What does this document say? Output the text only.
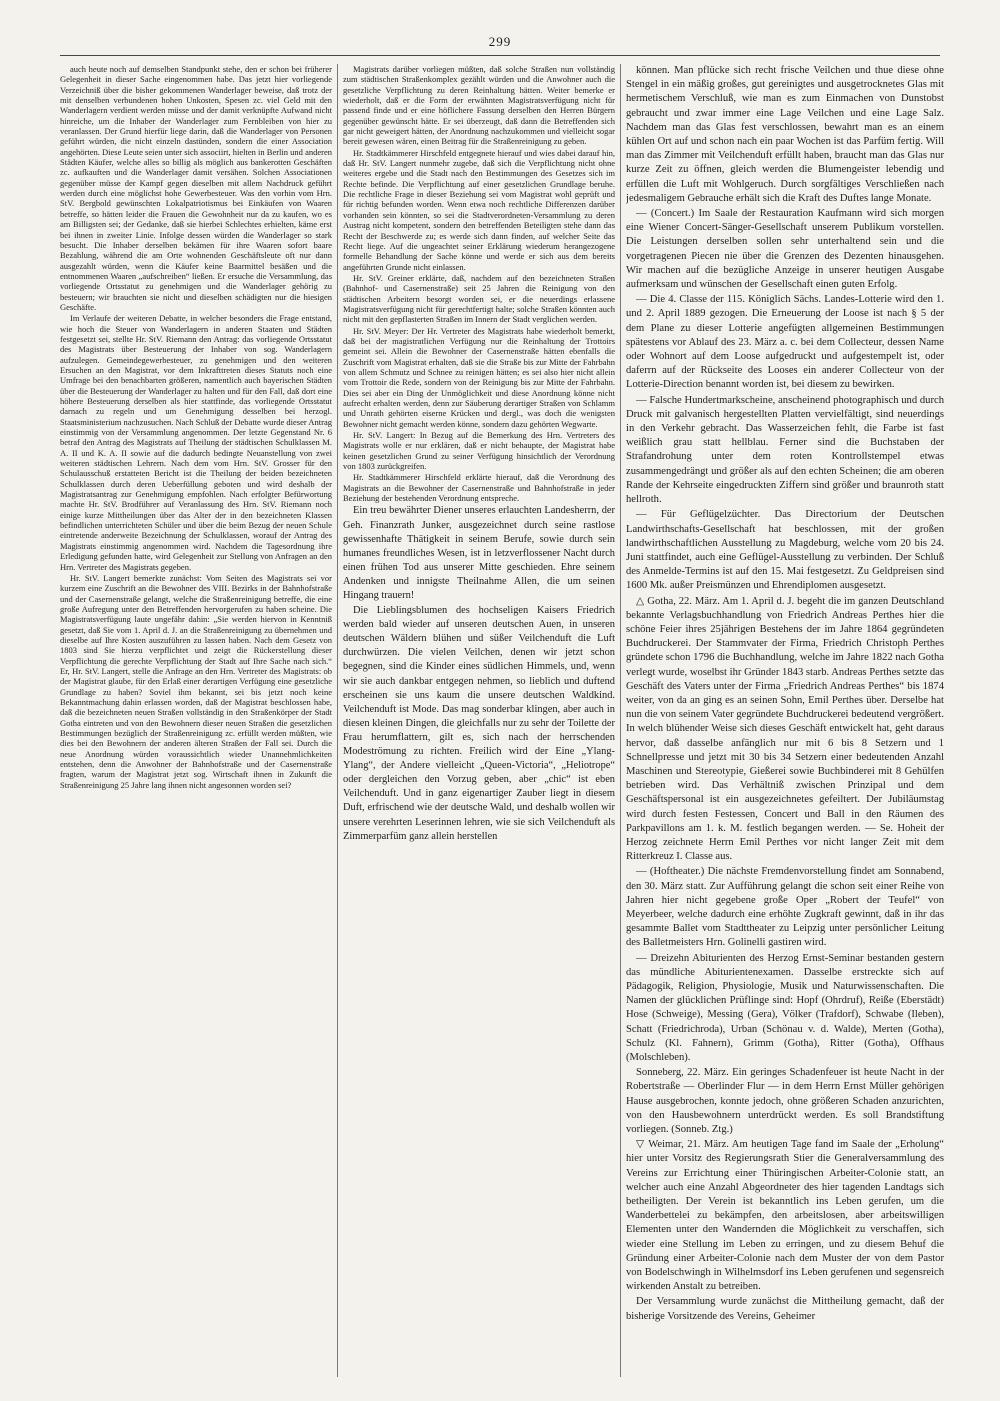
299

auch heute noch auf demselben Standpunkt stehe, den er schon bei früherer Gelegenheit in dieser Sache eingenommen habe. Das jetzt hier vorliegende Verzeichniß über die bisher gekommenen Wanderlager beweise, daß trotz der mit denselben verbundenen hohen Unkosten, Spesen zc. viel Geld mit den Wanderlagern verdient werden müsse und der damit verknüpfte Aufwand nicht hinreiche, um die Inhaber der Wanderlager zum Fernbleiben von hier zu veranlassen. Der Grund hierfür liege darin, daß die Wanderlager von Personen geführt würden, die nicht einzeln dastünden, sondern die einer Association angehörten. Diese Leute seien unter sich associirt, hielten in Berlin und anderen Städten Käufer, welche alles so billig als möglich aus bankerotten Geschäften zc. aufkauften und die Wanderlager damit versähen. Solchen Associationen gegenüber müsse der Kampf gegen dieselben mit allem Nachdruck geführt werden durch eine möglichst hohe Gewerbesteuer. Was den vorhin vom Hrn. StV. Bergbold gewünschten Lokalpatriotismus bei Einkäufen von Waaren betreffe, so hätten leider die Frauen die Gewohnheit nur da zu kaufen, wo es am Billigsten sei; der Gedanke, daß sie hierbei Schlechtes erhielten, käme erst bei ihnen in zweiter Linie. Infolge dessen würden die Wanderlager so stark besucht. Die Inhaber derselben bekämen für ihre Waaren sofort baare Bezahlung, während die am Orte wohnenden Geschäftsleute oft nur dann ausgezahlt würden, wenn die Käufer keine Baarmittel besäßen und die entnommenen Waaren „aufschreiben“ ließen. Er ersuche die Versammlung, das vorliegende Ortsstatut zu genehmigen und die Wanderlager gehörig zu besteuern; wir brauchten sie nicht und dieselben schädigten nur die hiesigen Geschäfte.

Im Verlaufe der weiteren Debatte, in welcher besonders die Frage entstand, wie hoch die Steuer von Wanderlagern in anderen Staaten und Städten festgesetzt sei, stellte Hr. StV. Riemann den Antrag: das vorliegende Ortsstatut des Magistrats über Besteuerung der Inhaber von sog. Wanderlagern aufzulegen. Gemeindegewerbesteuer, zu genehmigen und den weiteren Ersuchen an den Magistrat, vor dem Inkrafttreten dieses Statuts noch eine Umfrage bei den benachbarten größeren, namentlich auch bayerischen Städten über die Besteuerung der Wanderlager zu halten und für den Fall, daß dort eine höhere Besteuerung derselben als hier stattfinde, das vorliegende Ortsstatut darnach zu regeln und um Genehmigung desselben bei herzogl. Staatsministerium nachzusuchen. Nach Schluß der Debatte wurde dieser Antrag einstimmig von der Versammlung angenommen. Der letzte Gegenstand Nr. 6 betraf den Antrag des Magistrats auf Theilung der städtischen Schulklassen M. A. II und K. A. II sowie auf die dadurch bedingte Neuanstellung von zwei weiteren städtischen Lehrern. Nach dem vom Hrn. StV. Grosser für den Schulausschuß erstatteten Bericht ist die Theilung der beiden bezeichneten Schulklassen durch deren Ueberfüllung geboten und wird deshalb der Magistratsantrag zur Genehmigung empfohlen. Nach erfolgter Befürwortung machte Hr. StV. Brodführer auf Veranlassung des Hrn. StV. Riemann noch einige kurze Mittheilungen über das Alter der in den bezeichneten Klassen befindlichen unterrichteten Schüler und über die beim Bezug der neuen Schule eintretende anderweite Bezeichnung der Schulklassen, worauf der Antrag des Magistrats einstimmig angenommen wird. Nachdem die Tagesordnung ihre Erledigung gefunden hatte, wird Gelegenheit zur Stellung von Anfragen an den Hrn. Vertreter des Magistrats gegeben.

Hr. StV. Langert bemerkte zunächst: Vom Seiten des Magistrats sei vor kurzem eine Zuschrift an die Bewohner des VIII. Bezirks in der Bahnhofstraße und der Casernenstraße gelangt, welche die Straßenreinigung betreffe, die eine große Aufregung unter den Betreffenden hervorgerufen zu haben scheine. Die Magistratsverfügung laute ungefähr dahin: „Sie werden hiervon in Kenntniß gesetzt, daß Sie vom 1. April d. J. an die Straßenreinigung zu übernehmen und dieselbe auf Ihre Kosten auszuführen zu lassen haben. Nach dem Gesetz von 1803 sind Sie hierzu verpflichtet und zeigt die Rückerstellung dieser Verpflichtung die gerechte Verpflichtung der Stadt auf Ihre Sache nach sich.“ Er, Hr. StV. Langert, stelle die Anfrage an den Hrn. Vertreter des Magistrats: ob der Magistrat glaube, für den Erlaß einer derartigen Verfügung eine gesetzliche Grundlage zu haben? Soviel ihm bekannt, sei bis jetzt noch keine Bekanntmachung dahin erlassen worden, daß der Magistrat beschlossen habe, daß die bezeichneten neuen Straßen vollständig in den Straßenkörper der Stadt Gotha eintreten und von den Bewohnern dieser neuen Straßen die gesetzlichen Bestimmungen bezüglich der Straßenreinigung zc. erfüllt werden müßten, wie dies bei den Bewohnern der anderen älteren Straßen der Fall sei. Durch die neue Anordnung würden voraussichtlich wieder Unannehmlichkeiten entstehen, denn die Anwohner der Bahnhofstraße und der Casernenstraße fragten, warum der Magistrat jetzt sog. Wirtschaft ihnen in Zukunft die Straßenreinigung 25 Jahre lang ihnen nicht angesonnen worden sei?

Magistrats darüber vorliegen müßten, daß solche Straßen nun vollständig zum städtischen Straßenkomplex gezählt würden und die Anwohner auch die gesetzliche Verpflichtung zu deren Reinhaltung hätten. Weiter bemerke er wiederholt, daß er die Form der erwähnten Magistratsverfügung nicht für passend finde und er eine höflichere Fassung derselben den Herren Bürgern gegenüber gewünscht hätte. Er sei überzeugt, daß dann die Betreffenden sich gar nicht geweigert hätten, der Anordnung nachzukommen und vielleicht sogar bereit gewesen wären, einen Beitrag für die Straßenreinigung zu geben.

Hr. Stadtkämmerer Hirschfeld entgegnete hierauf und wies dabei darauf hin, daß Hr. StV. Langert nunmehr zugebe, daß sich die Verpflichtung nicht ohne weiteres ergebe und die Stadt nach den Bestimmungen des Gesetzes sich im Rechte befinde. Die Verpflichtung auf einer gesetzlichen Grundlage beruhe. Die rechtliche Frage in dieser Beziehung sei vom Magistrat wohl geprüft und für richtig befunden worden. Wenn etwa noch rechtliche Differenzen darüber vorhanden sein könnten, so sei die Stadtverordneten-Versammlung zu deren Austrag nicht kompetent, sondern den betreffenden Beteiligten stehe dann das Recht der Beschwerde zu; es werde sich dann finden, auf welcher Seite das Recht liege. Auf die ungeachtet seiner Erklärung wiederum herangezogene formelle Behandlung der Sache könne und werde er sich aus dem bereits angeführten Grunde nicht einlassen.

Hr. StV. Greiner erklärte, daß, nachdem auf den bezeichneten Straßen (Bahnhof- und Casernenstraße) seit 25 Jahren die Reinigung von den städtischen Arbeitern besorgt worden sei, er die neuerdings erlassene Magistratsverfügung nicht für gerechtfertigt halte; solche Straßen könnten auch nicht mit den gepflasterten Straßen im Innern der Stadt verglichen werden.

Hr. StV. Meyer: Der Hr. Vertreter des Magistrats habe wiederholt bemerkt, daß bei der magistratlichen Verfügung nur die Reinhaltung der Trottoirs gemeint sei. Allein die Bewohner der Casernenstraße hätten ebenfalls die Zuschrift vom Magistrat erhalten, daß sie die Straße bis zur Mitte der Fahrbahn von allem Schmutz und Schnee zu reinigen hätten; es sei also hier nicht allein vom Trottoir die Rede, sondern von der Reinigung bis zur Mitte der Fahrbahn. Dies sei aber ein Ding der Unmöglichkeit und diese Anordnung könne nicht aufrecht erhalten werden, denn zur Säuberung derartiger Straßen von Schlamm und Unrath gehörten eiserne Krücken und dergl., was doch die wenigsten Bewohner nicht gemacht werden könne, sondern dazu gehörten Wegwarte.

Hr. StV. Langert: In Bezug auf die Bemerkung des Hrn. Vertreters des Magistrats wolle er nur erklären, daß er nicht behaupte, der Magistrat habe keinen gesetzlichen Grund zu seiner Verfügung hinsichtlich der Verordnung von 1803 zurückgreifen.

Hr. Stadtkämmerer Hirschfeld erklärte hierauf, daß die Verordnung des Magistrats an die Bewohner der Casernenstraße und Bahnhofstraße in jeder Beziehung der bestehenden Verordnung entspreche.

Ein treu bewährter Diener unseres erlauchten Landesherrn, der Geh. Finanzrath Junker, ausgezeichnet durch seine rastlose gewissenhafte Thätigkeit in seinem Berufe, sowie durch sein humanes freundliches Wesen, ist in letzverflossener Nacht durch einen frühen Tod aus unserer Mitte geschieden. Ehre seinem Andenken und innigste Theilnahme Allen, die um seinen Hingang trauern!

Die Lieblingsblumen des hochseligen Kaisers Friedrich werden bald wieder auf unseren deutschen Auen, in unseren deutschen Wäldern blühen und süßer Veilchenduft die Luft durchwürzen. Die vielen Veilchen, denen wir jetzt schon begegnen, sind die Kinder eines südlichen Himmels, und, wenn wir sie auch dankbar entgegen nehmen, so lieblich und duftend erscheinen sie uns kaum die unsere deutschen Waldkind. Veilchenduft ist Mode. Das mag sonderbar klingen, aber auch in diesen kleinen Dingen, die gleichfalls nur zu sehr der Toilette der Frau herumflattern, gilt es, sich nach der herrschenden Modeströmung zu richten. Freilich wird der Eine „Ylang-Ylang“, der Andere vielleicht „Queen-Victoria“, „Heliotrope“ oder dergleichen den Vorzug geben, aber „chic“ ist eben Veilchenduft. Und in ganz eigenartiger Zauber liegt in diesem Duft, erfrischend wie der deutsche Wald, und deshalb wollen wir unsere verehrten Leserinnen lehren, wie sie sich Veilchenduft als Zimmerparfüm ganz allein herstellen

können. Man pflücke sich recht frische Veilchen und thue diese ohne Stengel in ein mäßig großes, gut gereinigtes und ausgetrocknetes Glas mit hermetischem Verschluß, wie man es zum Einmachen von Dunstobst gebraucht und zwar immer eine Lage Veilchen und eine Lage Salz. Nachdem man das Glas fest verschlossen, bewahrt man es an einem kühlen Ort auf und schon nach ein paar Wochen ist das Parfüm fertig. Will man das Zimmer mit Veilchenduft erfüllt haben, braucht man das Glas nur kurze Zeit zu öffnen, gleich werden die Blumengeister lebendig und erfüllen die Luft mit Wohlgeruch. Durch sorgfältiges Verschließen nach jedesmaligem Gebrauche erhält sich die Kraft des Duftes lange Monate.

— (Concert.) Im Saale der Restauration Kaufmann wird sich morgen eine Wiener Concert-Sänger-Gesellschaft unserem Publikum vorstellen. Die Leistungen derselben sollen sehr unterhaltend sein und die vorgetragenen Piecen nie über die Grenzen des Dezenten hinausgehen. Wir machen auf die bezügliche Anzeige in unserer heutigen Ausgabe aufmerksam und wünschen der Gesellschaft einen guten Erfolg.

— Die 4. Classe der 115. Königlich Sächs. Landes-Lotterie wird den 1. und 2. April 1889 gezogen. Die Erneuerung der Loose ist nach § 5 der dem Plane zu dieser Lotterie angefügten allgemeinen Bestimmungen spätestens vor Ablauf des 23. März a. c. bei dem Collecteur, dessen Name oder Wohnort auf dem Loose aufgedruckt und aufgestempelt ist, oder daferrn auf der Rückseite des Looses ein anderer Collecteur von der Lotterie-Direction benannt worden ist, bei diesem zu bewirken.

— Falsche Hundertmarkscheine, anscheinend photographisch und durch Druck mit galvanisch hergestellten Platten vervielfältigt, sind neuerdings in den Verkehr gebracht. Das Wasserzeichen fehlt, die Farbe ist fast weißlich grau statt hellblau. Ferner sind die Buchstaben der Strafandrohung unter dem roten Kontrollstempel etwas zusammengedrängt und größer als auf den echten Scheinen; die am oberen Rande der Kehrseite eingedruckten Ziffern sind größer und braunroth statt hellroth.

— Für Geflügelzüchter. Das Directorium der Deutschen Landwirthschafts-Gesellschaft hat beschlossen, mit der großen landwirthschaftlichen Ausstellung zu Magdeburg, welche vom 20 bis 24. Juni stattfindet, auch eine Geflügel-Ausstellung zu verbinden. Der Schluß des Anmelde-Termins ist auf den 15. Mai festgesetzt. Zu Geldpreisen sind 1600 Mk. außer Preismünzen und Ehrendiplomen ausgesetzt.

△ Gotha, 22. März. Am 1. April d. J. begeht die im ganzen Deutschland bekannte Verlagsbuchhandlung von Friedrich Andreas Perthes hier die schöne Feier ihres 25jährigen Bestehens der im Jahre 1864 gegründeten Buchdruckerei. Der Stammvater der Firma, Friedrich Christoph Perthes gründete schon 1796 die Buchhandlung, welche im Jahre 1822 nach Gotha verlegt wurde, woselbst ihr Gründer 1843 starb. Andreas Perthes setzte das Geschäft des Vaters unter der Firma „Friedrich Andreas Perthes“ bis 1874 weiter, von da an ging es an seinen Sohn, Emil Perthes über. Derselbe hat nun die von seinem Vater gegründete Buchdruckerei bedeutend vergrößert. In welch blühender Weise sich dieses Geschäft entwickelt hat, geht daraus hervor, daß dasselbe anfänglich nur mit 6 bis 8 Setzern und 1 Schnellpresse und jetzt mit 30 bis 34 Setzern einer bedeutenden Anzahl Maschinen und Stereotypie, Gießerei sowie Buchbinderei mit 8 Gehülfen betrieben wird. Das Verhältniß zwischen Prinzipal und dem Geschäftspersonal ist ein ausgezeichnetes gefeiltert. Der Jubiläumstag wird durch festen Festessen, Concert und Ball in den Räumen des Parkpavillons am 1. k. M. festlich begangen werden. — Se. Hoheit der Herzog zeichnete Herrn Emil Perthes vor nicht langer Zeit mit dem Ritterkreuz I. Classe aus.

— (Hoftheater.) Die nächste Fremdenvorstellung findet am Sonnabend, den 30. März statt. Zur Aufführung gelangt die schon seit einer Reihe von Jahren hier nicht gegebene große Oper „Robert der Teufel“ von Meyerbeer, welche dadurch eine erhöhte Zugkraft gewinnt, daß in ihr das gesammte Ballet vom Stadttheater zu Leipzig unter persönlicher Leitung des Balletmeisters Hrn. Golinelli gastiren wird.

— Dreizehn Abiturienten des Herzog Ernst-Seminar bestanden gestern das mündliche Abiturientenexamen. Dasselbe erstreckte sich auf Pädagogik, Religion, Physiologie, Musik und Naturwissenschaften. Die Namen der glücklichen Prüflinge sind: Hopf (Ohrdruf), Reiße (Eberstädt) Hose (Schweige), Messing (Gera), Völker (Trafdorf), Schwabe (Ileben), Schatt (Friedrichroda), Urban (Schönau v. d. Walde), Merten (Gotha), Schulz (Kl. Fahnern), Grimm (Gotha), Ritter (Gotha), Offhaus (Molschleben).

Sonneberg, 22. März. Ein geringes Schadenfeuer ist heute Nacht in der Robertstraße — Oberlinder Flur — in dem Herrn Ernst Müller gehörigen Hause ausgebrochen, konnte jedoch, ohne größeren Schaden anzurichten, von den Hausbewohnern unterdrückt werden. Es soll Brandstiftung vorliegen. (Sonneb. Ztg.)

▽ Weimar, 21. März. Am heutigen Tage fand im Saale der „Erholung“ hier unter Vorsitz des Regierungsrath Stier die Generalversammlung des Vereins zur Errichtung einer Thüringischen Arbeiter-Colonie statt, an welcher auch eine Anzahl Abgeordneter des hier tagenden Landtags sich betheiligten. Der Verein ist bekanntlich ins Leben gerufen, um die Wanderbettelei zu bekämpfen, den arbeitslosen, aber arbeitswilligen Elementen unter den Wandernden die Möglichkeit zu verschaffen, sich wieder eine Stellung im Leben zu erringen, und zu diesem Behuf die Gründung einer Arbeiter-Colonie nach dem Muster der von dem Pastor von Bodelschwingh in Wilhelmsdorf ins Leben gerufenen und segensreich wirkenden Anstalt zu betreiben.

Der Versammlung wurde zunächst die Mittheilung gemacht, daß der bisherige Vorsitzende des Vereins, Geheimer
